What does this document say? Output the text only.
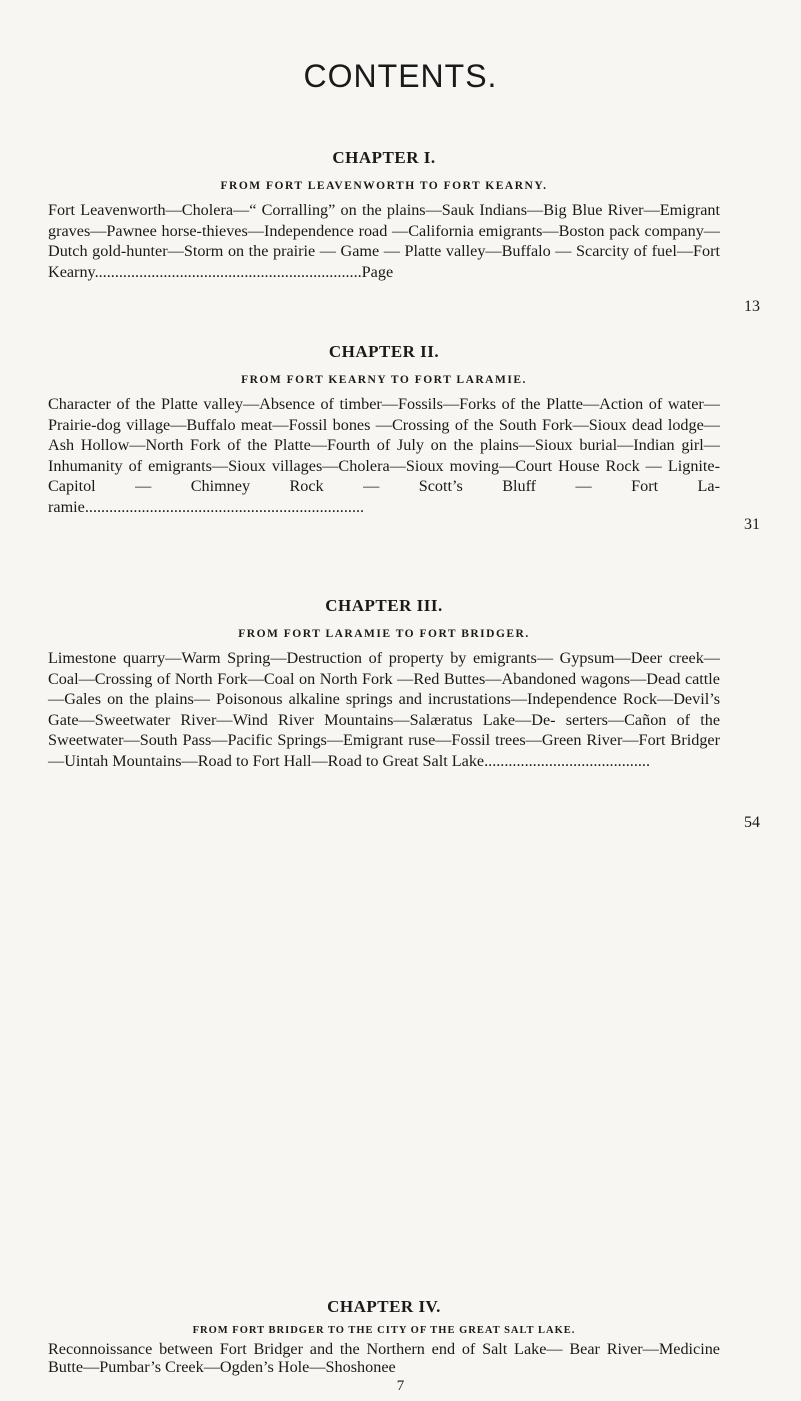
CONTENTS.
CHAPTER I.
FROM FORT LEAVENWORTH TO FORT KEARNY.

Fort Leavenworth—Cholera—“ Corralling” on the plains—Sauk Indians—Big Blue River—Emigrant graves—Pawnee horse-thieves—Independence road —California emigrants—Boston pack company—Dutch gold-hunter—Storm on the prairie — Game — Platte valley—Buffalo — Scarcity of fuel—Fort Kearny..................................................................Page

13
CHAPTER II.
FROM FORT KEARNY TO FORT LARAMIE.

Character of the Platte valley—Absence of timber—Fossils—Forks of the Platte—Action of water—Prairie-dog village—Buffalo meat—Fossil bones —Crossing of the South Fork—Sioux dead lodge—Ash Hollow—North Fork of the Platte—Fourth of July on the plains—Sioux burial—Indian girl— Inhumanity of emigrants—Sioux villages—Cholera—Sioux moving—Court House Rock — Lignite-Capitol — Chimney Rock — Scott’s Bluff — Fort La- ramie.....................................................................

31
CHAPTER III.
FROM FORT LARAMIE TO FORT BRIDGER.

Limestone quarry—Warm Spring—Destruction of property by emigrants— Gypsum—Deer creek—Coal—Crossing of North Fork—Coal on North Fork —Red Buttes—Abandoned wagons—Dead cattle—Gales on the plains— Poisonous alkaline springs and incrustations—Independence Rock—Devil’s Gate—Sweetwater River—Wind River Mountains—Salæratus Lake—De- serters—Cañon of the Sweetwater—South Pass—Pacific Springs—Emigrant ruse—Fossil trees—Green River—Fort Bridger—Uintah Mountains—Road to Fort Hall—Road to Great Salt Lake.........................................

54
CHAPTER IV.
FROM FORT BRIDGER TO THE CITY OF THE GREAT SALT LAKE.

Reconnoissance between Fort Bridger and the Northern end of Salt Lake— Bear River—Medicine Butte—Pumbar’s Creek—Ogden’s Hole—Shoshonee

7
